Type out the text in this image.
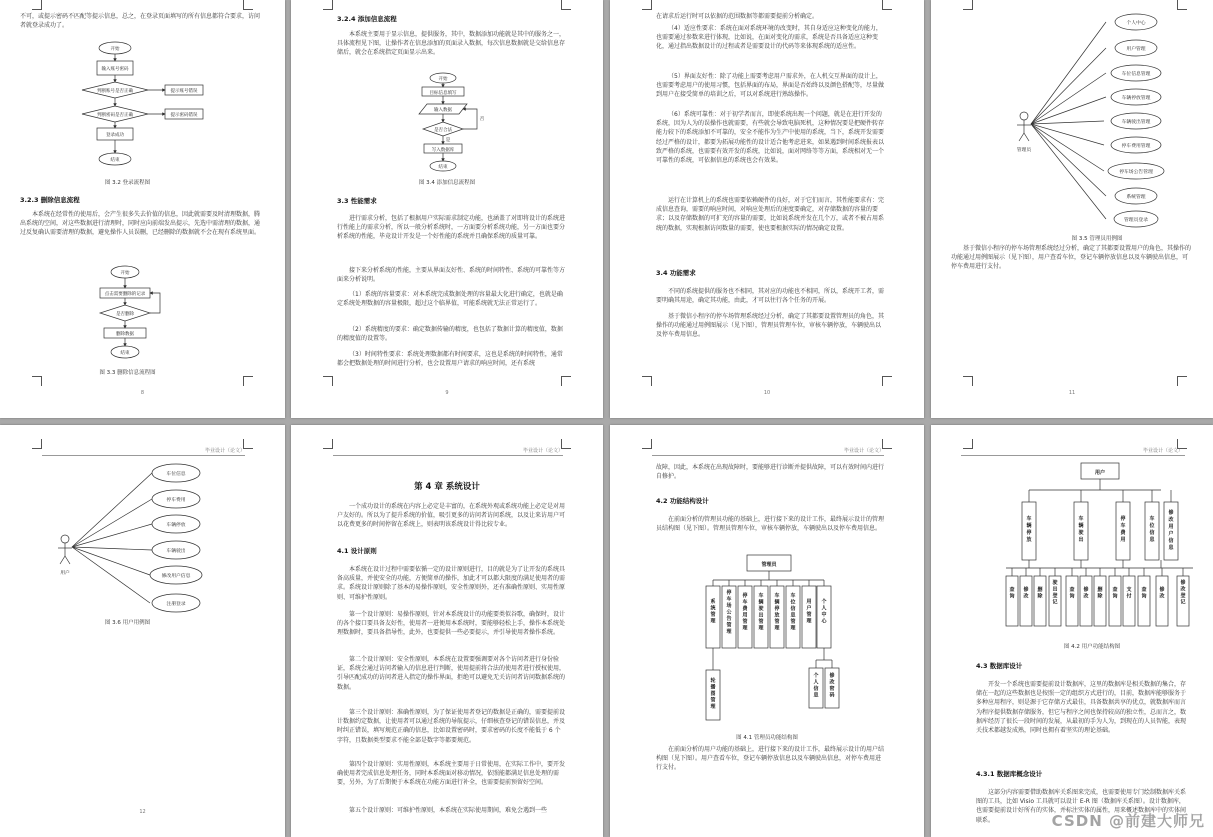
不可，或提示密码不匹配等提示信息，总之，在登录页面填写的所有信息都符合要求，访问者就登录成功了。

开始
输入账号密码
判断账号是否正确	提示账号错误
判断密码是否正确	提示密码错误
登录成功
结束
图 3.2 登录流程图
3.2.3 删除信息流程

本系统在经常性的使用后，会产生很多失去价值的信息，因此就需要及时清理数据，腾出系统的空间，对这些数据进行清理时，同时应向前端发出提示，先选中需清理的数据，通过反复确认需要清理的数据，避免操作人员误删，已经删除的数据就不会在现有系统里面。

开始
点击需要删除的记录
是否删除
删除数据
结束
图 3.3 删除信息流程图
8
3.2.4 添加信息流程

本系统主要用于显示信息，提供服务，其中，数据添加功能就是其中的服务之一，具体流程见下图，让操作者在信息添加的页面录入数据，每次信息数据就是交给信息存储后，就会在系统指定页面显示出来。

开始
目标信息填写
输入数据
是否合法
写入数据库
结束
是
否
图 3.4 添加信息流程图
3.3 性能需求

进行需求分析，包括了根据用户实际需求制定功能，也涵盖了对即将设计的系统进行性能上的需求分析，所以一般分析系统时，一方面要分析系统功能，另一方面也要分析系统的性能，毕竟设计开发是一个好性能的系统并且确保系统的质量可靠。

接下来分析系统的性能，主要从界面友好性、系统的时间特性、系统的可靠性等方面来分析说明。

（1）系统的容量要求：对本系统完成数据处理的容量最大化进行确定，也就是确定系统处理数据的容量极限，超过这个临界值，可能系统就无法正常运行了。

（2）系统精度的要求：确定数据传输的精度，也包括了数据计算的精度值，数据的精度值的设置等。

（3）时间特性要求：系统处理数据都有时间要求，这也是系统的时间特性，通常都会把数据处理的时间进行分析，也会设置用户请求的响应时间，还有系统

9

在请求后运行时可以依据的范围数据等都需要提前分析确定。

（4）适应性要求：系统在面对系统环境的改变时，其自身适应这种变化的能力，也需要通过参数来进行体现，比如说，在面对变化的需求，系统是否具备适应这种变化，通过指出数据设计的过程或者是需要设计的代码等来体现系统的适应性。

（5）界面友好性：除了功能上需要考虑用户需求外，在人机交互界面的设计上，也需要考虑用户的使用习惯，包括界面的布局，界面是否始终以及颜色搭配等，尽量做到用户在接受简单的培训之后，可以对系统进行熟练操作。

（6）系统可靠性：对于初学者而言，即使系统出现一个问题，就是在进行开发的系统，因为人为的误操作也就需要，有些就会导致电脑死机，这种情况要是把硬件转存能力较下的系统添加不可靠的，安全不能作为生产中使用的系统，当下，系统开发需要经过严格的设计，都要为拓展功能性的设计适合他考虑进来，如果遇到时间系统报表以致严格的系统，也需要有效开发的系统，比如说，面对网络等等方面，系统相对无一个可靠性的系统，可依据信息的系统也会有效果。

运行在计算机上的系统也需要依赖硬件的良好，对于它们而言，其性能要求有：完成信息查询，需要的响应时间，对响应处理后的速度要确定，对存储数据的容量的要求；以及存储数据的可扩充的容量的需要，比如说系统并发在几个万，或者不被占用系统的数据，实现根据访问数量的需要，使也要根据实际的情况确定设置。

3.4 功能需求

不同的系统提供的服务也不相同，其对应的功能也不相同，所以，系统开工者，需要明确其用途，确定其功能，由此，才可以往行各个任务的开展。

基于微信小程序的停车场管理系统经过分析，确定了其都要设置管理员的角色，其操作的功能通过用例图展示（见下图），管理员管理车位，审核车辆停放，车辆驶出以及停车费用信息。

10
管理员
个人中心
用户管理
车位信息管理
车辆停放管理
车辆驶出管理
停车费用管理
停车场公告管理
系统管理
管理员登录
图 3.5 管理员用例图

基于微信小程序的停车场管理系统经过分析，确定了其都要设置用户的角色，其操作的功能通过用例图展示（见下图），用户查看车位，登记车辆停放信息以及车辆驶出信息，可停车费用进行支付。

11
毕业设计（论文）
用户
车位信息
停车费用
车辆停放
车辆驶出
修改用户信息
注册登录
图 3.6 用户用例图
12
毕业设计（论文）
第 4 章 系统设计

一个成功设计的系统在内容上必定是丰富的，在系统外观或系统功能上必定是对用户友好的。所以为了提升系统的价值，吸引更多的访问者访问系统，以及让来访用户可以花费更多的时间停留在系统上，则表明该系统设计得比较专业。

4.1 设计原则

本系统在设计过程中需要依循一定的设计原则进行，目的就是为了让开发的系统具备高质量，并使安全的功能，方便简单的操作，加此才可以都大限度的满足使用者的需求。系统设计原则除了基本的易操作原则，安全性原则外，还有准确性原则、实用性原则、可维护性原则。

第一个设计原则：易操作原则，针对本系统设计的功能要类似谷歌，确保时，设计的各个接口要具备友好性，使用者一进便用本系统时，要能够轻松上手，操作本系统处理数据时，要具备指导性，此外，也要提供一些必要提示，并引导使用者操作系统。

第二个设计原则：安全性原则，本系统在设置要强调要对各个访问者进行身份验证，系统会通过访问者输入的信息进行判断，使用提前将合法的使用者进行授权使用，引导匹配成功的访问者进入指定的操作界面，拒绝可以避免无关访问者访问数据系统的数据。

第三个设计原则：准确性原则，为了保证使用者登记的数据是正确的，需要提前设计数据约定数据，让使用者可以通过系统的导航提示，仔细核查登记的错误信息，并及时纠正错误，填写规范正确的信息，比如设置密码时，要求密码的长度不能低于 6 个字符，且数据类型要求不能全部是数字等都要规范。

第四个设计原则：实用性原则，本系统主要用于日常使用，在实际工作中，要开发确使用者完成信息处理任务，同时本系统面对移动情况，依照能都满足信息处理的需要，另外，为了后期便于本系统在功能方面进行补全，也需要提前预留好空间。

第五个设计原则：可维护性原则，本系统在实际使用期间，难免会遇到一些

毕业设计（论文）

故障，因此，本系统在出现故障时，要能够进行诊断并提供故障，可以有效时间内进行自修护。

4.2 功能结构设计

在前面分析的管理员功能的基础上，进行接下来的设计工作，最终展示设计的管理员结构图（见下图）。管理员管理车位，审核车辆停放，车辆驶出以及停车费用信息。

管理员
系统管理
停车场公告管理
停车费用管理
车辆驶出管理
车辆停放管理
车位信息管理
用户管理
个人中心
轮播图管理
个人信息
修改密码
图 4.1 管理员功能结构图

在前面分析的用户功能的基础上，进行接下来的设计工作，最终展示设计的用户结构图（见下图）。用户查看车位，登记车辆停放信息以及车辆驶出信息，对停车费用进行支付。

毕业设计（论文）
用户
车辆停放
车辆驶出
停车费用
车位信息
修改用户信息
查询
修改
删除
驶出登记
查询
修改
删除
查询
支付
查询
修改
修改登记
图 4.2 用户功能结构图
4.3 数据库设计

开发一个系统也需要提前设计数据库，这里的数据库是相关数据的集合，存储在一起的这些数据也是按照一定的组织方式进行的，目前，数据库能够服务于多种应用程序，则是源于它存储方式最佳，具备数据共享的优点，就数据库而言为程序提供数据存储服务，但它与程序之间也保持较高的独立性，总而言之，数据库经历了很长一段时间的发展，从最初的手为人为，到现在的人员智能，表现关技术都越发成熟，同时也拥有着坚实的理论基础。

4.3.1 数据库概念设计

这部分内容需要借助数据库关系图来完成，也需要使用专门绘制数据库关系图的工具，比如 Visio 工具就可以设计 E-R 图（数据库关系图）。设计数据库，也需要提前设计好所有的实体，并标注实体的属性，用来概述数据库中的实体间联系。	CSDN @前建大师兄
